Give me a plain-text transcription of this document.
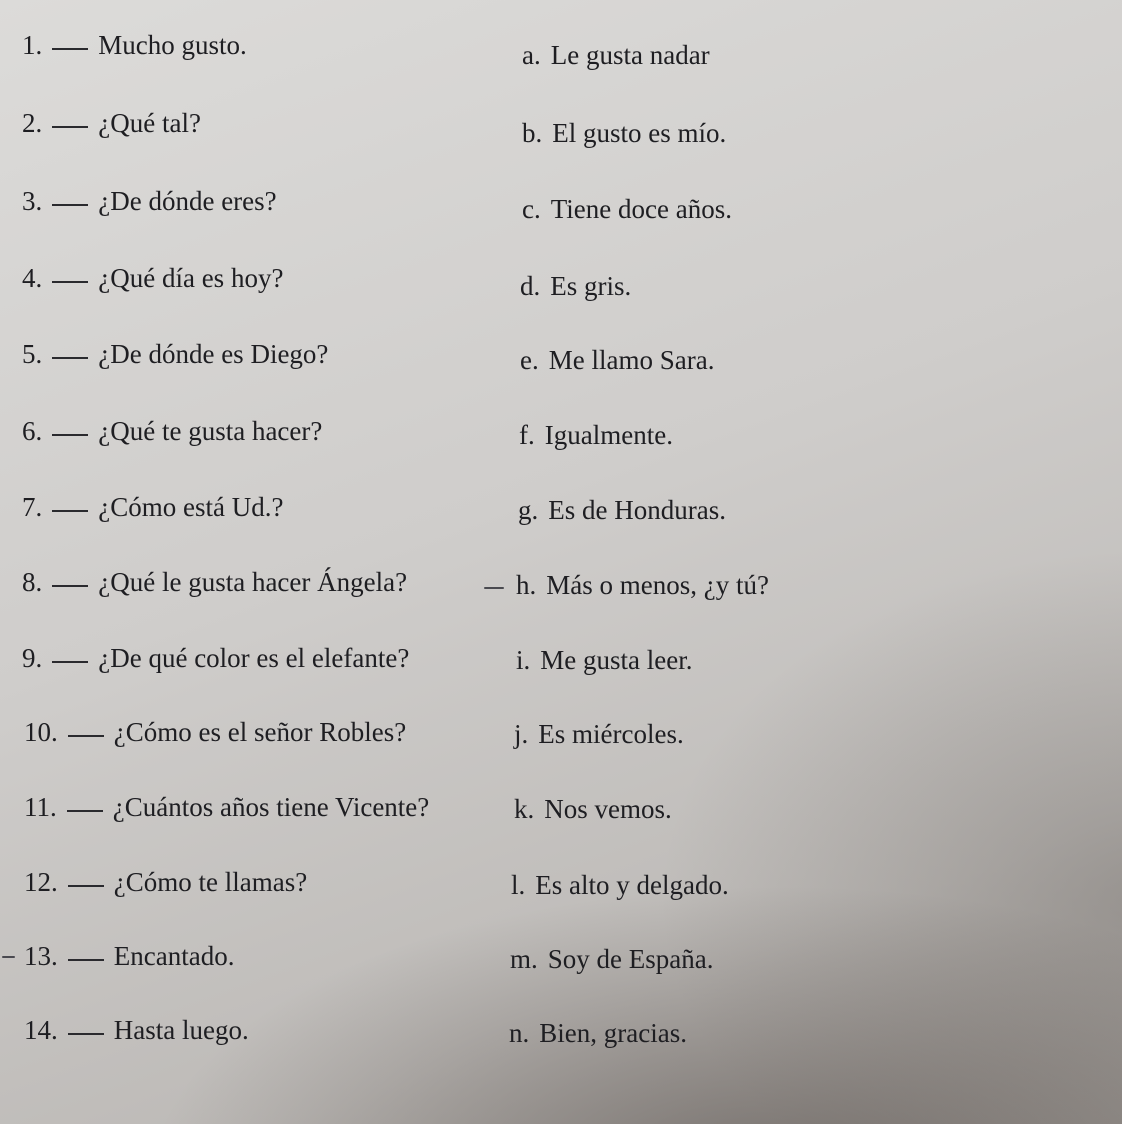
1. Mucho gusto.	a. Le gusta nadar
2. ¿Qué tal?	b. El gusto es mío.
3. ¿De dónde eres?	c. Tiene doce años.
4. ¿Qué día es hoy?	d. Es gris.
5. ¿De dónde es Diego?	e. Me llamo Sara.
6. ¿Qué te gusta hacer?	f. Igualmente.
7. ¿Cómo está Ud.?	g. Es de Honduras.
8. ¿Qué le gusta hacer Ángela?	h. Más o menos, ¿y tú?
9. ¿De qué color es el elefante?	i. Me gusta leer.
10. ¿Cómo es el señor Robles?	j. Es miércoles.
11. ¿Cuántos años tiene Vicente?	k. Nos vemos.
12. ¿Cómo te llamas?	l. Es alto y delgado.
13. Encantado.	m. Soy de España.
14. Hasta luego.	n. Bien, gracias.
